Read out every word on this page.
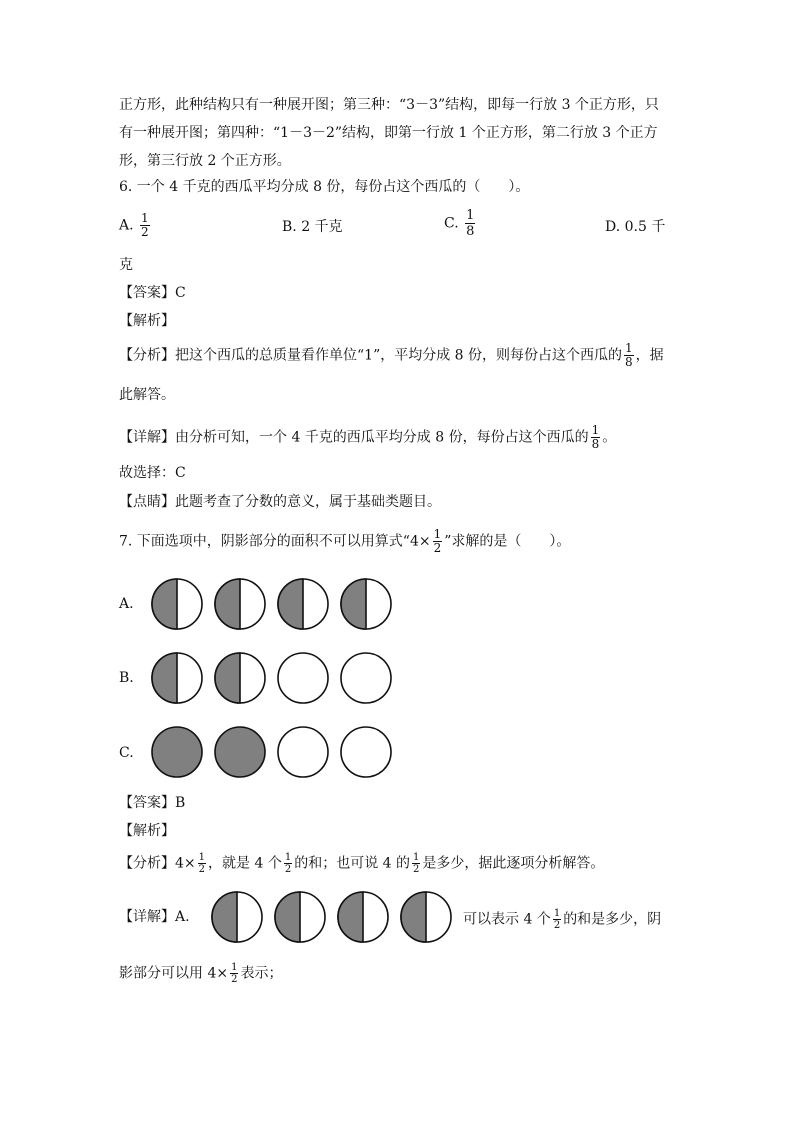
正方形，此种结构只有一种展开图；第三种：“3－3”结构，即每一行放 3 个正方形，只
有一种展开图；第四种：“1－3－2”结构，即第一行放 1 个正方形，第二行放 3 个正方
形，第三行放 2 个正方形。
6. 一个 4 千克的西瓜平均分成 8 份，每份占这个西瓜的（　　）。
A. $\frac{1}{2}$	B. 2 千克	C. $\frac{1}{8}$	D. 0.5 千
克
【答案】C
【解析】
【分析】把这个西瓜的总质量看作单位“1”，平均分成 8 份，则每份占这个西瓜的 $\frac{1}{8}$ ，据
此解答。
【详解】由分析可知，一个 4 千克的西瓜平均分成 8 份，每份占这个西瓜的 $\frac{1}{8}$ 。
故选择：C
【点睛】此题考查了分数的意义，属于基础类题目。
7. 下面选项中，阴影部分的面积不可以用算式“$4\times \frac{1}{2}$ ”求解的是（　　）。
A.
B.
C.
【答案】B
【解析】
【分析】$4\times \frac{1}{2}$ ，就是 4 个 $\frac{1}{2}$ 的和；也可说 4 的 $\frac{1}{2}$ 是多少，据此逐项分析解答。
【详解】A.	可以表示 4 个 $\frac{1}{2}$ 的和是多少，阴
影部分可以用 $4\times \frac{1}{2}$ 表示；
